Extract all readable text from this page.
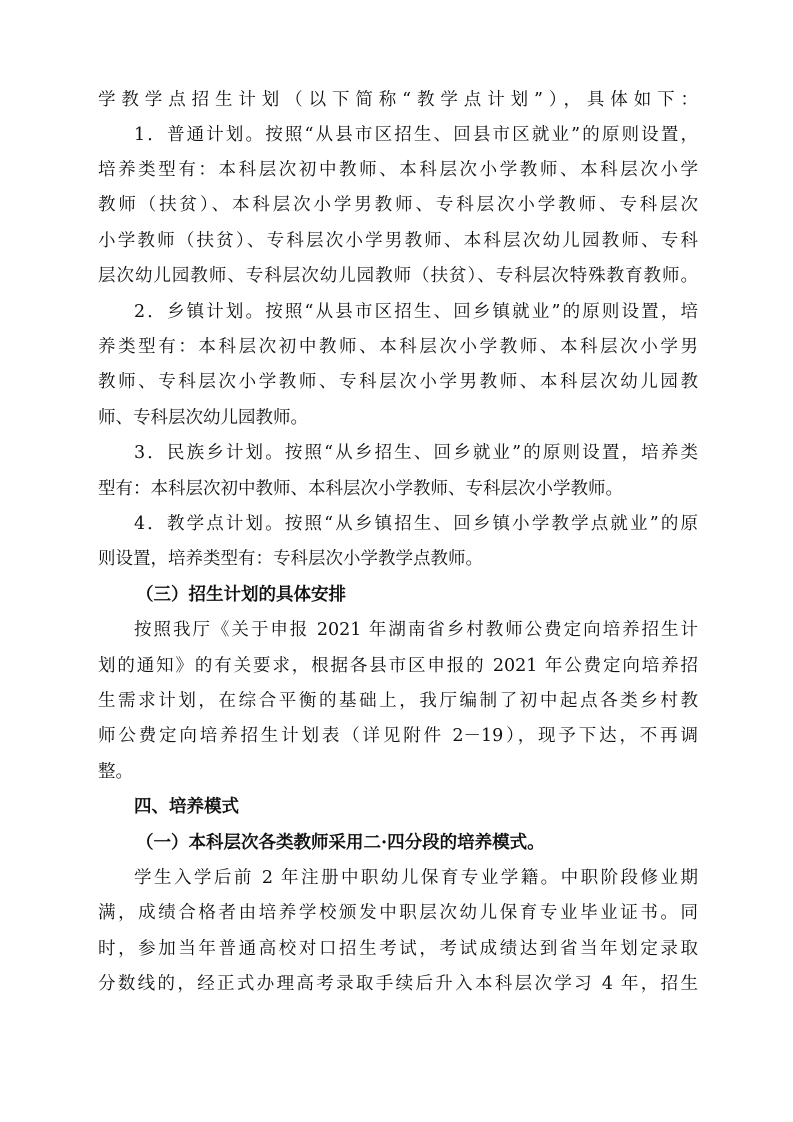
学教学点招生计划（以下简称“教学点计划”），具体如下：
1．普通计划。按照“从县市区招生、回县市区就业”的原则设置，
培养类型有：本科层次初中教师、本科层次小学教师、本科层次小学
教师（扶贫）、本科层次小学男教师、专科层次小学教师、专科层次
小学教师（扶贫）、专科层次小学男教师、本科层次幼儿园教师、专科
层次幼儿园教师、专科层次幼儿园教师（扶贫）、专科层次特殊教育教师。
2．乡镇计划。按照“从县市区招生、回乡镇就业”的原则设置，培
养类型有：本科层次初中教师、本科层次小学教师、本科层次小学男
教师、专科层次小学教师、专科层次小学男教师、本科层次幼儿园教
师、专科层次幼儿园教师。
3．民族乡计划。按照“从乡招生、回乡就业”的原则设置，培养类
型有：本科层次初中教师、本科层次小学教师、专科层次小学教师。
4．教学点计划。按照“从乡镇招生、回乡镇小学教学点就业”的原
则设置，培养类型有：专科层次小学教学点教师。
（三）招生计划的具体安排
按照我厅《关于申报 2021 年湖南省乡村教师公费定向培养招生计
划的通知》的有关要求，根据各县市区申报的 2021 年公费定向培养招
生需求计划，在综合平衡的基础上，我厅编制了初中起点各类乡村教
师公费定向培养招生计划表（详见附件 2－19），现予下达，不再调
整。
四、培养模式
（一）本科层次各类教师采用二·四分段的培养模式。
学生入学后前 2 年注册中职幼儿保育专业学籍。中职阶段修业期
满，成绩合格者由培养学校颁发中职层次幼儿保育专业毕业证书。同
时，参加当年普通高校对口招生考试，考试成绩达到省当年划定录取
分数线的，经正式办理高考录取手续后升入本科层次学习 4 年，招生
